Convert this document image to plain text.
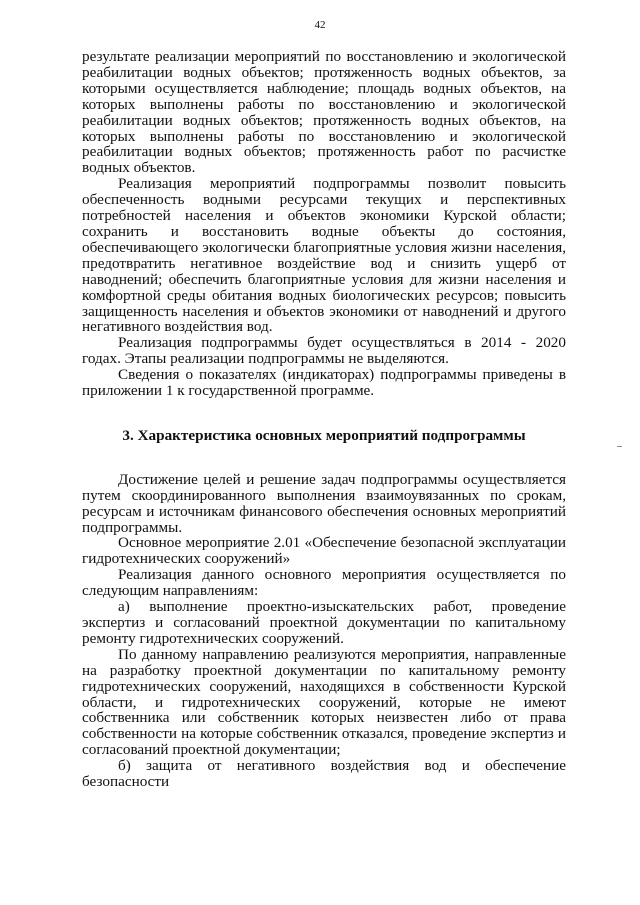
42

результате реализации мероприятий по восстановлению и экологической реабилитации водных объектов; протяженность водных объектов, за которыми осуществляется наблюдение; площадь водных объектов, на которых выполнены работы по восстановлению и экологической реабилитации водных объектов; протяженность водных объектов, на которых выполнены работы по восстановлению и экологической реабилитации водных объектов; протяженность работ по расчистке водных объектов.

Реализация мероприятий подпрограммы позволит повысить обеспеченность водными ресурсами текущих и перспективных потребностей населения и объектов экономики Курской области; сохранить и восстановить водные объекты до состояния, обеспечивающего экологически благоприятные условия жизни населения, предотвратить негативное воздействие вод и снизить ущерб от наводнений; обеспечить благоприятные условия для жизни населения и комфортной среды обитания водных биологических ресурсов; повысить защищенность населения и объектов экономики от наводнений и другого негативного воздействия вод.

Реализация подпрограммы будет осуществляться в 2014 - 2020 годах. Этапы реализации подпрограммы не выделяются.

Сведения о показателях (индикаторах) подпрограммы приведены в приложении 1 к государственной программе.

3. Характеристика основных мероприятий подпрограммы

Достижение целей и решение задач подпрограммы осуществляется путем скоординированного выполнения взаимоувязанных по срокам, ресурсам и источникам финансового обеспечения основных мероприятий подпрограммы.

Основное мероприятие 2.01 «Обеспечение безопасной эксплуатации гидротехнических сооружений»

Реализация данного основного мероприятия осуществляется по следующим направлениям:

а) выполнение проектно-изыскательских работ, проведение экспертиз и согласований проектной документации по капитальному ремонту гидротехнических сооружений.

По данному направлению реализуются мероприятия, направленные на разработку проектной документации по капитальному ремонту гидротехнических сооружений, находящихся в собственности Курской области, и гидротехнических сооружений, которые не имеют собственника или собственник которых неизвестен либо от права собственности на которые собственник отказался, проведение экспертиз и согласований проектной документации;

б) защита от негативного воздействия вод и обеспечение безопасности
